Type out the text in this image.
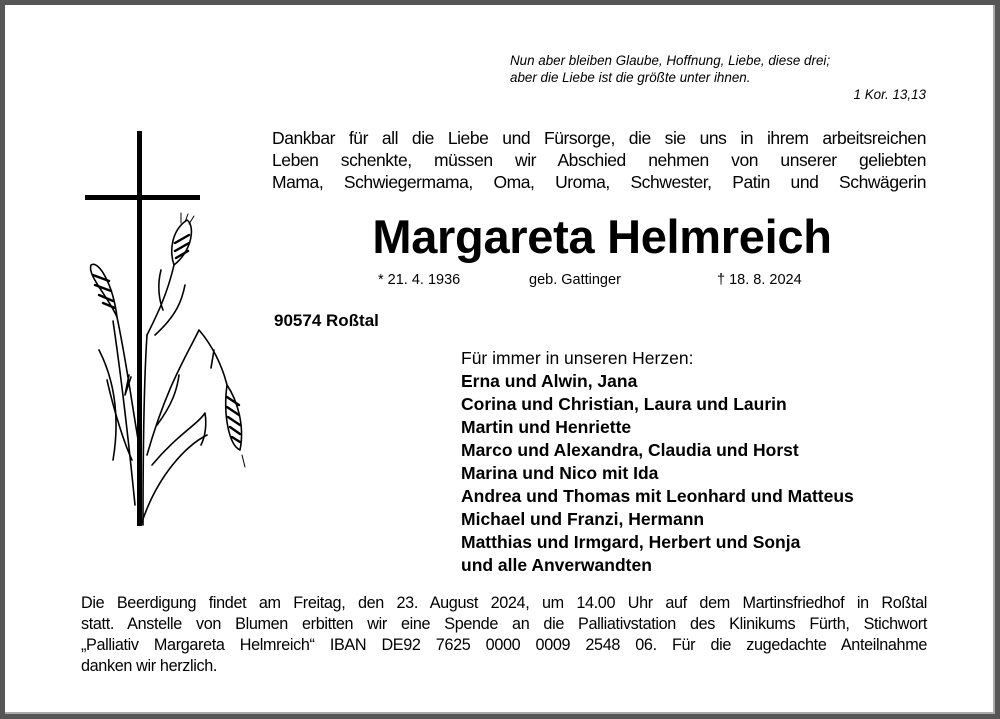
Nun aber bleiben Glaube, Hoffnung, Liebe, diese drei;
aber die Liebe ist die größte unter ihnen.
1 Kor. 13,13
Dankbar für all die Liebe und Fürsorge, die sie uns in ihrem arbeitsreichen
Leben schenkte, müssen wir Abschied nehmen von unserer geliebten
Mama, Schwiegermama, Oma, Uroma, Schwester, Patin und Schwägerin
Margareta Helmreich
* 21. 4. 1936	geb. Gattinger	† 18. 8. 2024
90574 Roßtal
Für immer in unseren Herzen:
Erna und Alwin, Jana
Corina und Christian, Laura und Laurin
Martin und Henriette
Marco und Alexandra, Claudia und Horst
Marina und Nico mit Ida
Andrea und Thomas mit Leonhard und Matteus
Michael und Franzi, Hermann
Matthias und Irmgard, Herbert und Sonja
und alle Anverwandten
Die Beerdigung findet am Freitag, den 23. August 2024, um 14.00 Uhr auf dem Martinsfriedhof in Roßtal
statt. Anstelle von Blumen erbitten wir eine Spende an die Palliativstation des Klinikums Fürth, Stichwort
„Palliativ Margareta Helmreich“ IBAN DE92 7625 0000 0009 2548 06. Für die zugedachte Anteilnahme
danken wir herzlich.
